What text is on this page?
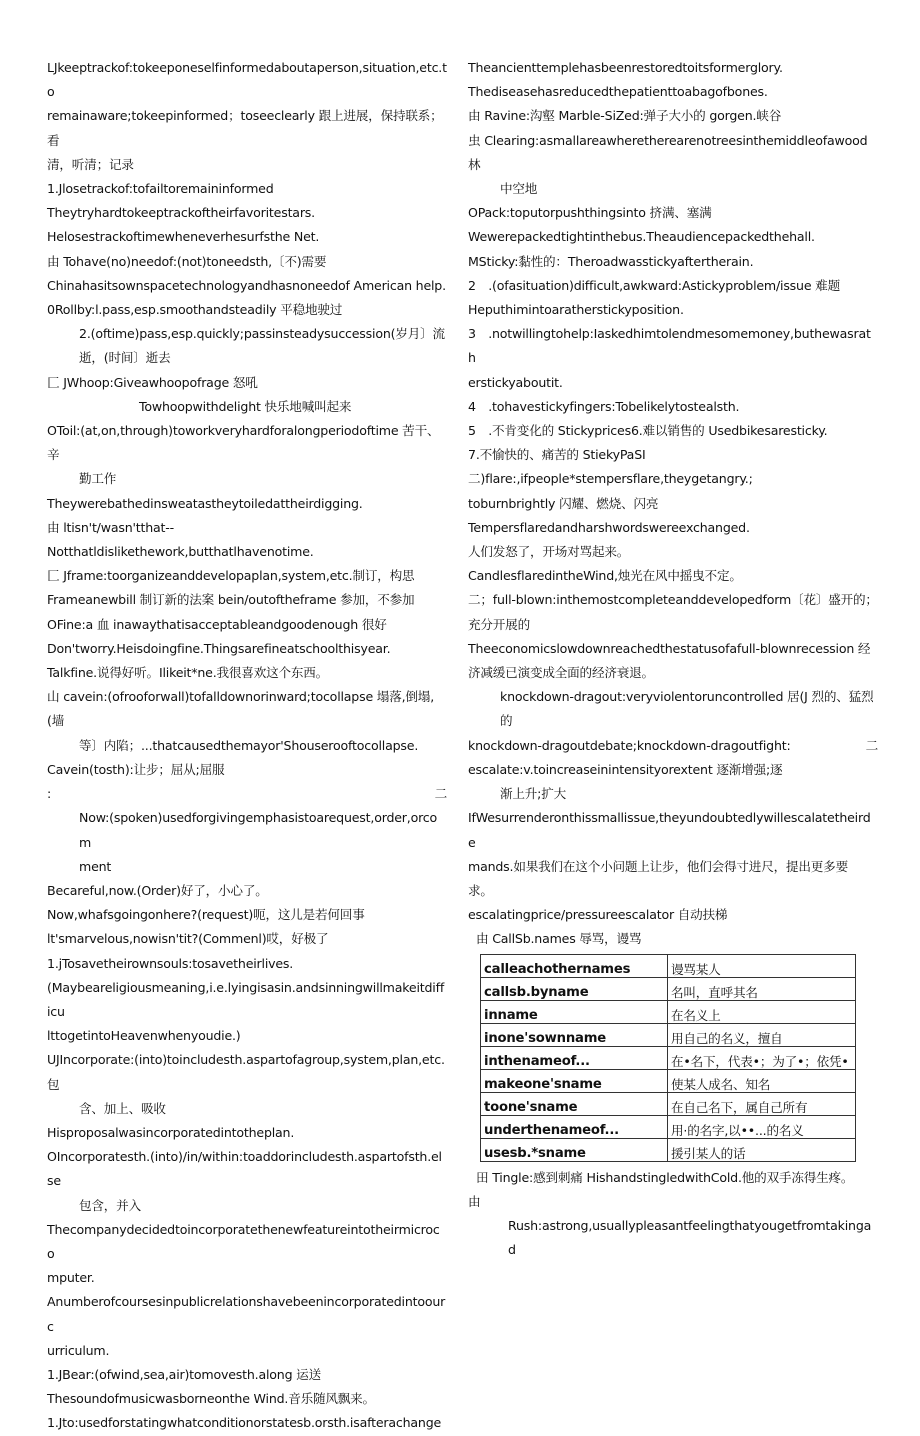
LJkeeptrackof:tokeeponeselfinformedaboutaperson,situation,etc.to
remainaware;tokeepinformed；toseeclearly 跟上进展，保持联系；看
清，听清；记录
1.Jlosetrackof:tofailtoremaininformed
Theytryhardtokeeptrackoftheirfavoritestars.
Helosestrackoftimewheneverhesurfsthe Net.
由 Tohave(no)needof:(not)toneedsth,〔不)需要
Chinahasitsownspacetechnologyandhasnoneedof American help.
0Rollby:l.pass,esp.smoothandsteadily 平稳地驶过
2.(oftime)pass,esp.quickly;passinsteadysuccession(岁月〕流
逝，(时间〕逝去
匚 JWhoop:Giveawhoopofrage 怒吼
Towhoopwithdelight 快乐地喊叫起来
OToil:(at,on,through)toworkveryhardforalongperiodoftime 苦干、辛
勤工作
Theywerebathedinsweatastheytoiledattheirdigging.
由 ltisn't/wasn'tthat--
Notthatldislikethework,butthatlhavenotime.
匚 Jframe:toorganizeanddevelopaplan,system,etc.制订，构思
Frameanewbill 制订新的法案 bein/outoftheframe 参加，不参加
OFine:a 血 inawaythatisacceptableandgoodenough 很好
Don'tworry.Heisdoingfine.Thingsarefineatschoolthisyear.
Talkfine.说得好听。Ilikeit*ne.我很喜欢这个东西。
山 cavein:(ofrooforwall)tofalldownorinward;tocollapse 塌落,倒塌,(墙
等〕内陷；...thatcausedthemayor'Shouserooftocollapse.
Cavein(tosth):让步；屈从;屈服
:	二
Now:(spoken)usedforgivingemphasistoarequest,order,orcom
ment
Becareful,now.(Order)好了，小心了。
Now,whafsgoingonhere?(request)呃，这儿是若何回事
lt'smarvelous,nowisn'tit?(Commenl)哎，好极了
1.jTosavetheirownsouls:tosavetheirlives.
(Maybeareligiousmeaning,i.e.lyingisasin.andsinningwillmakeitdifficu
lttogetintoHeavenwhenyoudie.)
UJIncorporate:(into)toincludesth.aspartofagroup,system,plan,etc. 包
含、加上、吸收
Hisproposalwasincorporatedintotheplan.
OIncorporatesth.(into)/in/within:toaddorincludesth.aspartofsth.else
包含，并入
Thecompanydecidedtoincorporatethenewfeatureintotheirmicroco
mputer.
Anumberofcoursesinpublicrelationshavebeenincorporatedintoourc
urriculum.
1.JBear:(ofwind,sea,air)tomovesth.along 运送
Thesoundofmusicwasborneonthe Wind.音乐随风飘来。
1.Jto:usedforstatingwhatconditionorstatesb.orsth.isafterachange
Theancienttemplehasbeenrestoredtoitsformerglory.
Thediseasehasreducedthepatienttoabagofbones.
由 Ravine:沟壑 Marble-SiZed:弹子大小的 gorgen.峡谷
虫 Clearing:asmallareawheretherearenotreesinthemiddleofawood 林
中空地
OPack:toputorpushthingsinto 挤满、塞满
Wewerepackedtightinthebus.Theaudiencepackedthehall.
MSticky:黏性的：Theroadwasstickyaftertherain.
2　.(ofasituation)difficult,awkward:Astickyproblem/issue 难题
Heputhimintoaratherstickyposition.
3　.notwillingtohelp:Iaskedhimtolendmesomemoney,buthewasrath
erstickyaboutit.
4　.tohavestickyfingers:Tobelikelytostealsth.
5　.不肯变化的 Stickyprices6.难以销售的 Usedbikesaresticky.
7.不愉快的、痛苦的 StiekyPaSI
二)flare:,ifpeople*stempersflare,theygetangry.;
toburnbrightly 闪耀、燃烧、闪亮
Tempersflaredandharshwordswereexchanged.
人们发怒了，开场对骂起来。
CandlesflaredintheWind,烛光在风中摇曳不定。
二；full-blown:inthemostcompleteanddevelopedform〔花〕盛开的；
充分开展的
Theeconomicslowdownreachedthestatusofafull-blownrecession 经
济减缓已演变成全面的经济衰退。
knockdown-dragout:veryviolentoruncontrolled 居(J 烈的、猛烈
的
knockdown-dragoutdebate;knockdown-dragoutfight:	二
escalate:v.toincreaseinintensityorextent 逐渐增强;逐
渐上升;扩大
IfWesurrenderonthissmallissue,theyundoubtedlywillescalatetheirde
mands.如果我们在这个小问题上让步，他们会得寸进尺，提出更多要
求。
escalatingprice/pressureescalator 自动扶梯
由 CallSb.names 辱骂，谩骂
calleachothernames	谩骂某人
callsb.byname	名叫，直呼其名
inname	在名义上
inone'sownname	用自己的名义，擅自
inthenameof...	在•名下，代表•；为了•；依凭•
makeone'sname	使某人成名、知名
toone'sname	在自己名下，属自己所有
underthenameof...	用·的名字,以••...的名义
usesb.*sname	援引某人的话
田 Tingle:感到刺痛 HishandstingledwithCold.他的双手冻得生疼。
由
Rush:astrong,usuallypleasantfeelingthatyougetfromtakingad
